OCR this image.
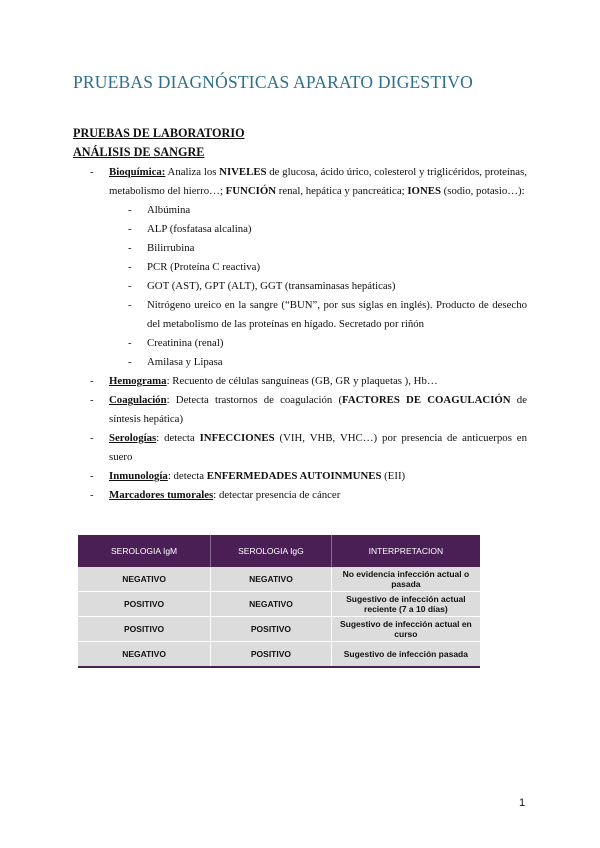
PRUEBAS DIAGNÓSTICAS APARATO DIGESTIVO
PRUEBAS DE LABORATORIO
ANÁLISIS DE SANGRE
- Bioquímica: Analiza los NIVELES de glucosa, ácido úrico, colesterol y triglicéridos, proteínas, metabolismo del hierro…; FUNCIÓN renal, hepática y pancreática; IONES (sodio, potasio…):
- Albúmina
- ALP (fosfatasa alcalina)
- Bilirrubina
- PCR (Proteína C reactiva)
- GOT (AST), GPT (ALT), GGT (transaminasas hepáticas)
- Nitrógeno ureico en la sangre (“BUN”, por sus siglas en inglés). Producto de desecho del metabolismo de las proteínas en hígado. Secretado por riñón
- Creatinina (renal)
- Amilasa y Lipasa
- Hemograma: Recuento de células sanguíneas (GB, GR y plaquetas ), Hb…
- Coagulación: Detecta trastornos de coagulación (FACTORES DE COAGULACIÓN de síntesis hepática)
- Serologías: detecta INFECCIONES (VIH, VHB, VHC…) por presencia de anticuerpos en suero
- Inmunología: detecta ENFERMEDADES AUTOINMUNES (EII)
- Marcadores tumorales: detectar presencia de cáncer
SEROLOGIA IgM	SEROLOGIA IgG	INTERPRETACION
NEGATIVO	NEGATIVO	No evidencia infección actual o pasada
POSITIVO	NEGATIVO	Sugestivo de infección actual reciente (7 a 10 días)
POSITIVO	POSITIVO	Sugestivo de infección actual en curso
NEGATIVO	POSITIVO	Sugestivo de infección pasada
1
